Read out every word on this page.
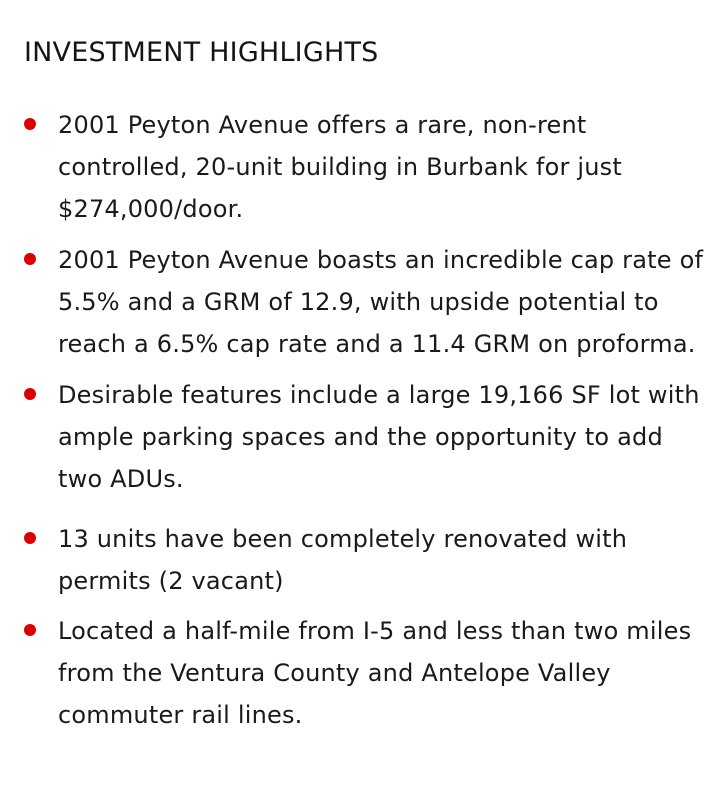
INVESTMENT HIGHLIGHTS
2001 Peyton Avenue offers a rare, non-rent controlled, 20-unit building in Burbank for just $274,000/door.
2001 Peyton Avenue boasts an incredible cap rate of 5.5% and a GRM of 12.9, with upside potential to reach a 6.5% cap rate and a 11.4 GRM on proforma.
Desirable features include a large 19,166 SF lot with ample parking spaces and the opportunity to add two ADUs.
13 units have been completely renovated with permits (2 vacant)
Located a half-mile from I-5 and less than two miles from the Ventura County and Antelope Valley commuter rail lines.
